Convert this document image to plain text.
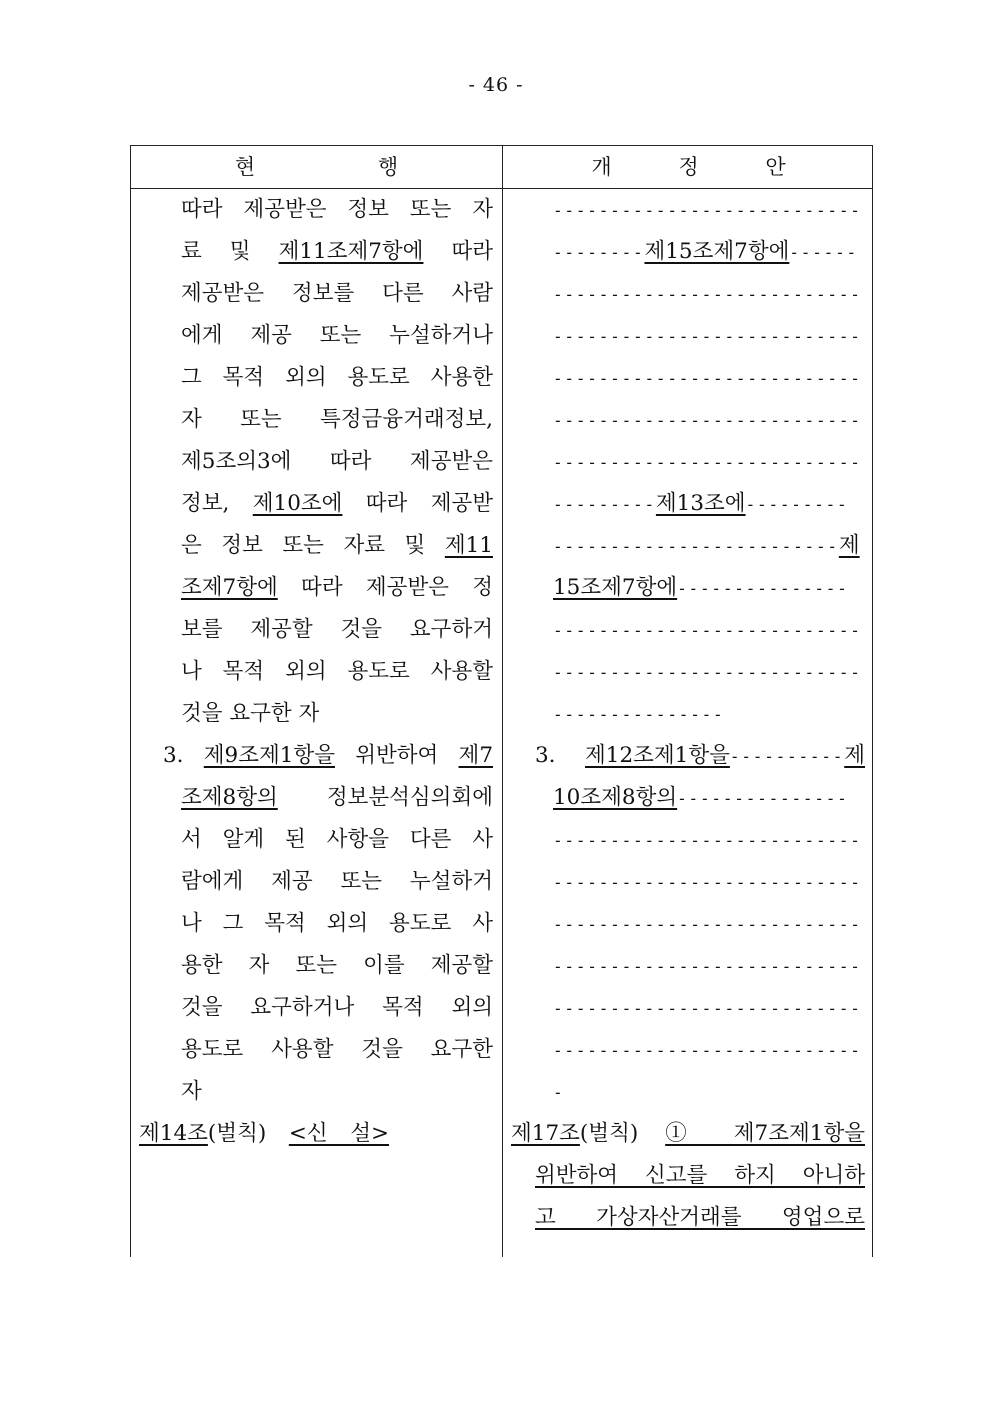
- 46 -
현 행	개 정 안
따라 제공받은 정보 또는 자
료 및 제11조제7항에 따라
제공받은 정보를 다른 사람
에게 제공 또는 누설하거나
그 목적 외의 용도로 사용한
자 또는 특정금융거래정보,
제5조의3에 따라 제공받은
정보, 제10조에 따라 제공받
은 정보 또는 자료 및 제11
조제7항에 따라 제공받은 정
보를 제공할 것을 요구하거
나 목적 외의 용도로 사용할
것을 요구한 자
3. 제9조제1항을 위반하여 제7
조제8항의 정보분석심의회에
서 알게 된 사항을 다른 사
람에게 제공 또는 누설하거
나 그 목적 외의 용도로 사
용한 자 또는 이를 제공할
것을 요구하거나 목적 외의
용도로 사용할 것을 요구한
자
제14조(벌칙) <신 설>
---------------------------
--------제15조제7항에------
---------------------------
---------------------------
---------------------------
---------------------------
---------------------------
---------제13조에---------
-------------------------제
15조제7항에---------------
---------------------------
---------------------------
---------------
3. 제12조제1항을----------제
10조제8항의---------------
---------------------------
---------------------------
---------------------------
---------------------------
---------------------------
---------------------------
-
제17조(벌칙) ① 제7조제1항을
위반하여 신고를 하지 아니하
고 가상자산거래를 영업으로
